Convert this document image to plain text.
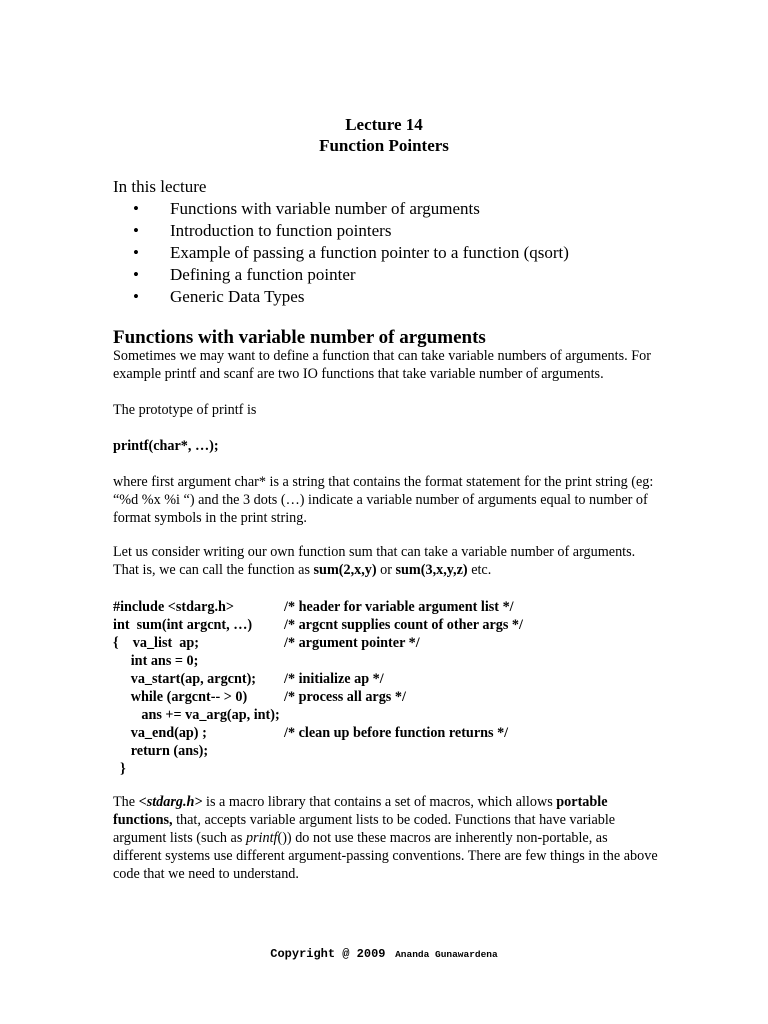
Lecture 14
Function Pointers
In this lecture
• Functions with variable number of arguments
• Introduction to function pointers
• Example of passing a function pointer to a function (qsort)
• Defining a function pointer
• Generic Data Types
Functions with variable number of arguments
Sometimes we may want to define a function that can take variable numbers of arguments. For example printf and scanf are two IO functions that take variable number of arguments.
The prototype of printf is
printf(char*, …);
where first argument char* is a string that contains the format statement for the print string (eg: “%d %x %i “) and the 3 dots (…) indicate a variable number of arguments equal to number of format symbols in the print string.
Let us consider writing our own function sum that can take a variable number of arguments. That is, we can call the function as sum(2,x,y) or sum(3,x,y,z) etc.
#include <stdarg.h>	/* header for variable argument list */
int  sum(int argcnt, …) /* argcnt supplies count of other args */
{    va_list  ap;	/* argument pointer */
int ans = 0;
va_start(ap, argcnt); /* initialize ap */
while (argcnt-- > 0)	/* process all args */
ans += va_arg(ap, int);
va_end(ap) ;	/* clean up before function returns */
return (ans);
}
The <stdarg.h> is a macro library that contains a set of macros, which allows portable functions, that, accepts variable argument lists to be coded. Functions that have variable argument lists (such as printf()) do not use these macros are inherently non-portable, as different systems use different argument-passing conventions. There are few things in the above code that we need to understand.
Copyright @ 2009 Ananda Gunawardena
